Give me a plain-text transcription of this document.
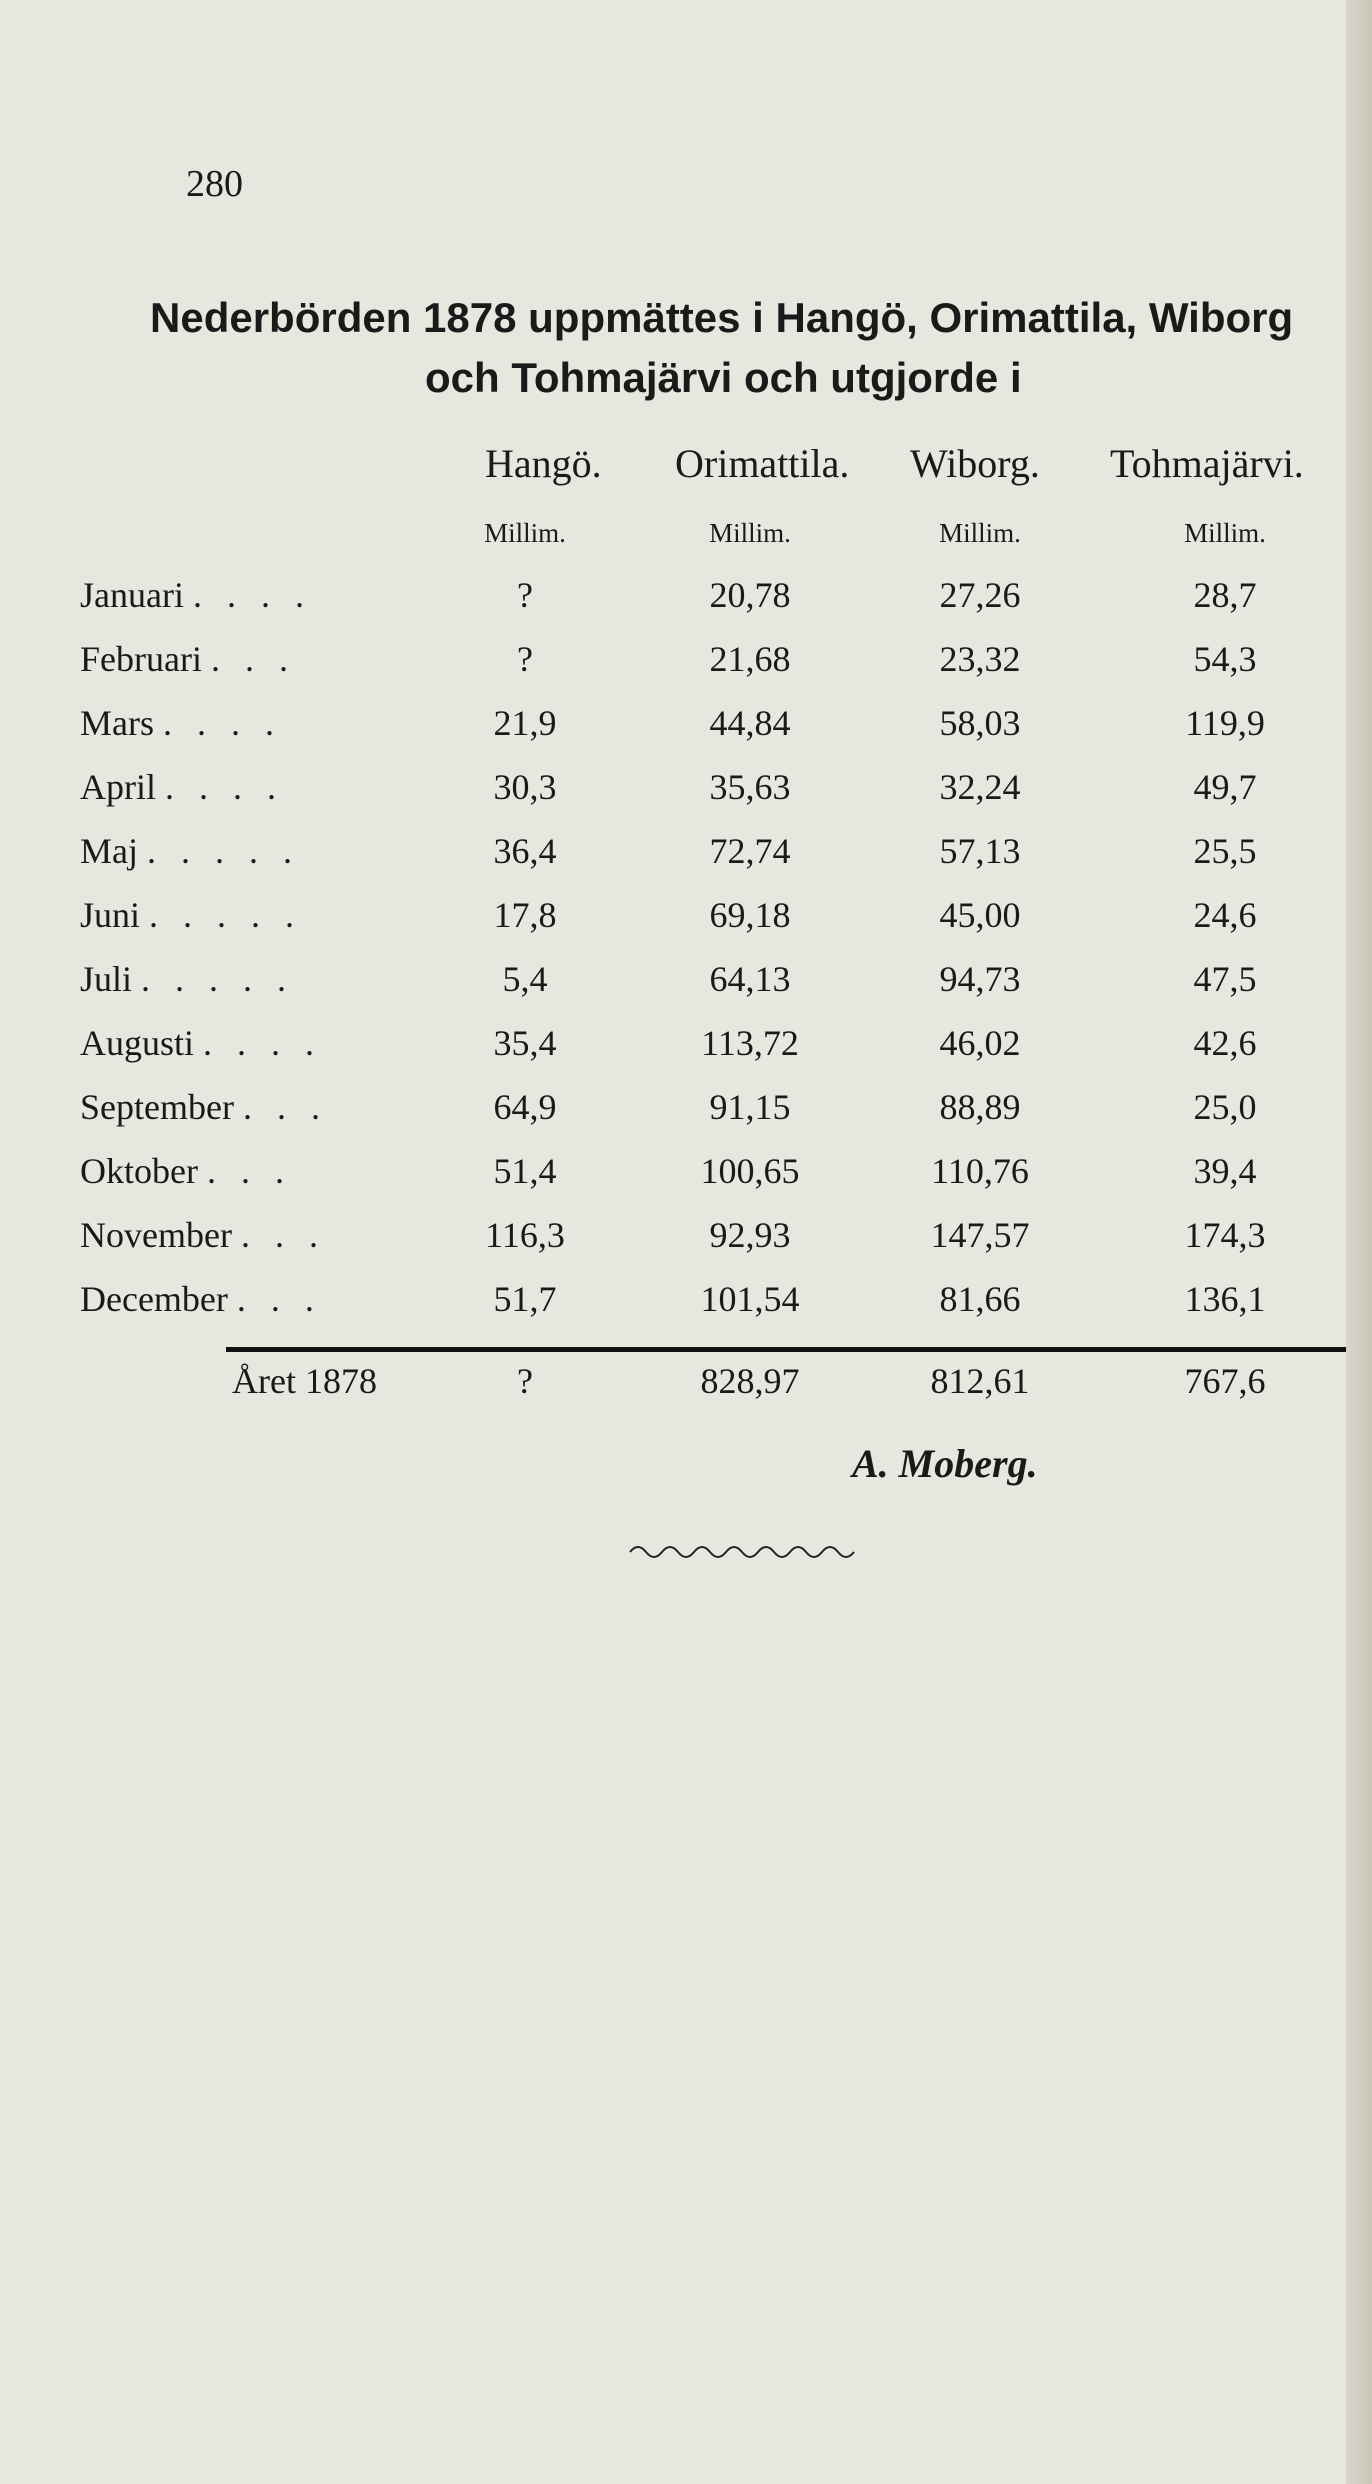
280
Nederbörden 1878 uppmättes i Hangö, Orimattila, Wiborg
och Tohmajärvi och utgjorde i
Hangö. Orimattila. Wiborg. Tohmajärvi.
Millim.	Millim.	Millim.	Millim.
Januari . . . .	?	20,78	27,26	28,7
Februari . . .	?	21,68	23,32	54,3
Mars . . . .	21,9	44,84	58,03	119,9
April . . . .	30,3	35,63	32,24	49,7
Maj . . . . .	36,4	72,74	57,13	25,5
Juni . . . . .	17,8	69,18	45,00	24,6
Juli . . . . .	5,4	64,13	94,73	47,5
Augusti . . . .	35,4	113,72	46,02	42,6
September . . .	64,9	91,15	88,89	25,0
Oktober . . .	51,4	100,65	110,76	39,4
November . . .	116,3	92,93	147,57	174,3
December . . .	51,7	101,54	81,66	136,1
Året 1878	?	828,97	812,61	767,6
A. Moberg.
